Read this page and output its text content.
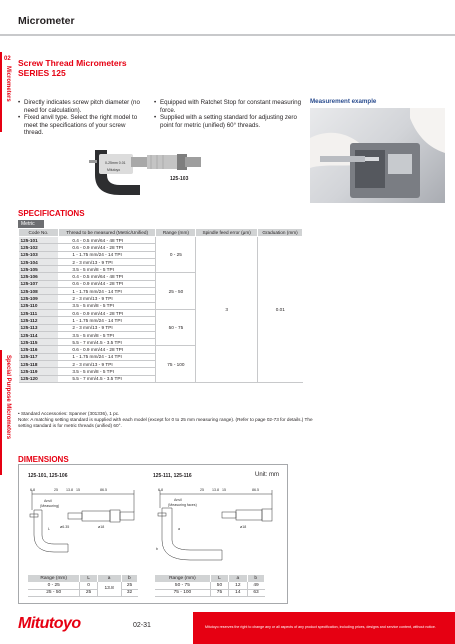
Micrometer
02
Micrometers
Special Purpose Micrometers
Screw Thread Micrometers
SERIES 125
• Directly indicates screw pitch diameter (no need for calculation).
• Fixed anvil type. Select the right model to meet the specifications of your screw thread.
• Equipped with Ratchet Stop for constant measuring force.
• Supplied with a setting standard for adjusting zero point for metric (unified) 60° threads.
Measurement example
0-25mm 0.01
Mitutoyo
125-103
SPECIFICATIONS
Metric
Code No.	Thread to be measured (Metric/Unified)	Range (mm)	Spindle feed error (μm)	Graduation (mm)
125-101	0.4 - 0.5 mm/64 - 48 TPI	0 - 25	3	0.01
125-102	0.6 - 0.9 mm/44 - 28 TPI			
125-103	1 - 1.75 mm/24 - 14 TPI			
125-104	2 - 3 mm/13 - 9 TPI			
125-105	3.5 - 5 mm/8 - 5 TPI			
125-106	0.4 - 0.5 mm/64 - 48 TPI	25 - 50		
125-107	0.6 - 0.9 mm/44 - 28 TPI			
125-108	1 - 1.75 mm/24 - 14 TPI			
125-109	2 - 3 mm/13 - 9 TPI			
125-110	3.5 - 5 mm/8 - 5 TPI			
125-111	0.6 - 0.9 mm/44 - 28 TPI	50 - 75		
125-112	1 - 1.75 mm/24 - 14 TPI			
125-113	2 - 3 mm/13 - 9 TPI			
125-114	3.5 - 5 mm/8 - 5 TPI			
125-115	5.5 - 7 mm/4.5 - 3.5 TPI			
125-116	0.6 - 0.9 mm/44 - 28 TPI	75 - 100		
125-117	1 - 1.75 mm/24 - 14 TPI			
125-118	2 - 3 mm/13 - 9 TPI			
125-119	3.5 - 5 mm/8 - 5 TPI			
125-120	5.5 - 7 mm/4.5 - 3.5 TPI			
• Standard Accessories: Spanner (301336), 1 pc.
Note: A matching setting standard is supplied with each model (except for 0 to 25 mm measuring range). (Refer to page 02-73 for details.) The setting standard is for metric threads (unified) 60°.
DIMENSIONS
125-101, 125-106	125-111, 125-116	Unit: mm
6.8	25 13.8 15	86.5
Anvil
(Measuring)
ø6.35	ø18
L
6.8	25 13.8 15	86.5
Anvil
(Measuring faces)
a
b
ø18
Range (mm)	L	a	b
0 - 25	0	13.8	25
25 - 50	25		32
Range (mm)	L	a	b
50 - 75	50	12	49
75 - 100	75	14	63
Mitutoyo	02-31	Mitutoyo reserves the right to change any or all aspects of any product specification, including prices, designs and service content, without notice.
